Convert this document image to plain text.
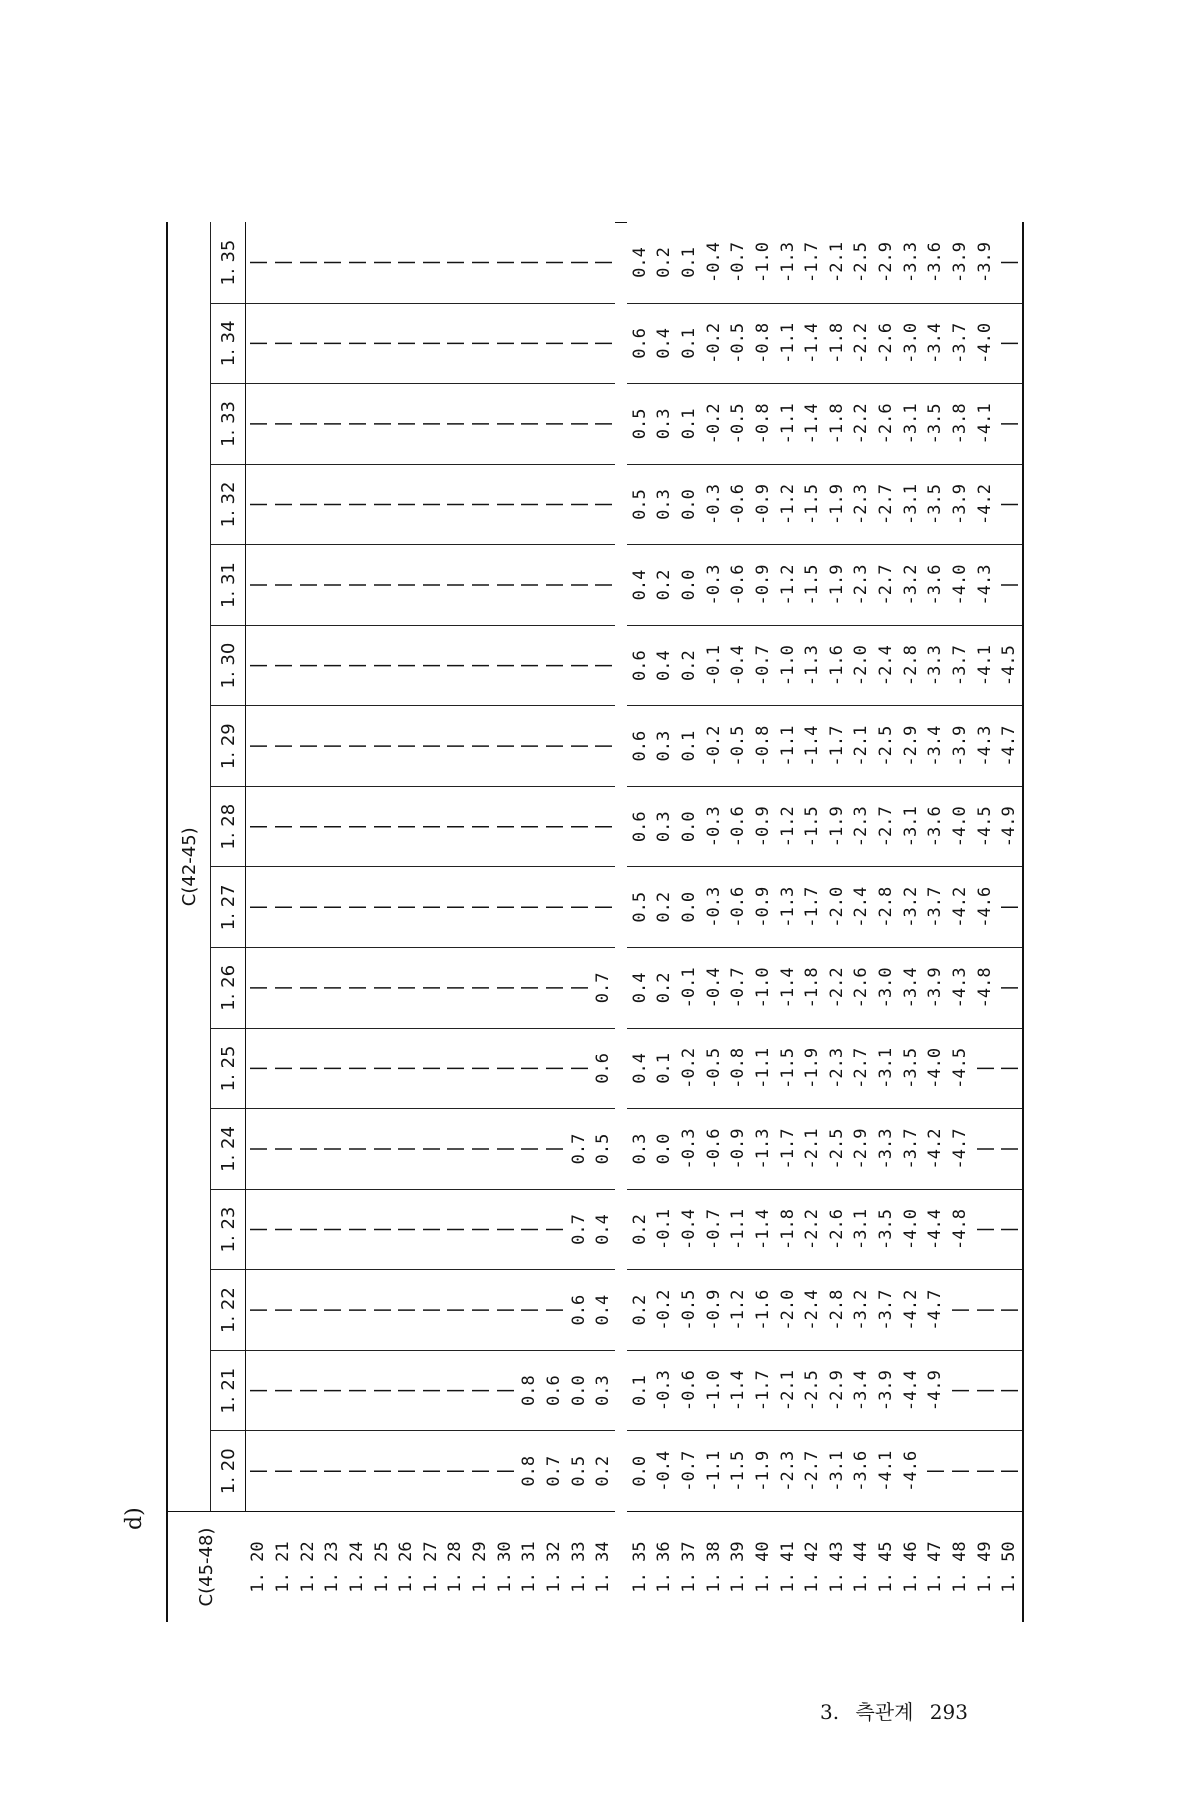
d)
C(45-48)	C(42-45)															
	1. 20	1. 21	1. 22	1. 23	1. 24	1. 25	1. 26	1. 27	1. 28	1. 29	1. 30	1. 31	1. 32	1. 33	1. 34	1. 35
1. 20	|	|	|	|	|	|	|	|	|	|	|	|	|	|	|	|
1. 21	|	|	|	|	|	|	|	|	|	|	|	|	|	|	|	|
1. 22	|	|	|	|	|	|	|	|	|	|	|	|	|	|	|	|
1. 23	|	|	|	|	|	|	|	|	|	|	|	|	|	|	|	|
1. 24	|	|	|	|	|	|	|	|	|	|	|	|	|	|	|	|
1. 25	|	|	|	|	|	|	|	|	|	|	|	|	|	|	|	|
1. 26	|	|	|	|	|	|	|	|	|	|	|	|	|	|	|	|
1. 27	|	|	|	|	|	|	|	|	|	|	|	|	|	|	|	|
1. 28	|	|	|	|	|	|	|	|	|	|	|	|	|	|	|	|
1. 29	|	|	|	|	|	|	|	|	|	|	|	|	|	|	|	|
1. 30	|	|	|	|	|	|	|	|	|	|	|	|	|	|	|	|
1. 31	0.8	0.8	|	|	|	|	|	|	|	|	|	|	|	|	|	|
1. 32	0.7	0.6	|	|	|	|	|	|	|	|	|	|	|	|	|	|
1. 33	0.5	0.0	0.6	0.7	0.7	|	|	|	|	|	|	|	|	|	|	|
1. 34	0.2	0.3	0.4	0.4	0.5	0.6	0.7	|	|	|	|	|	|	|	|	|

1. 35	0.0	0.1	0.2	0.2	0.3	0.4	0.4	0.5	0.6	0.6	0.6	0.4	0.5	0.5	0.6	0.4
1. 36	-0.4	-0.3	-0.2	-0.1	0.0	0.1	0.2	0.2	0.3	0.3	0.4	0.2	0.3	0.3	0.4	0.2
1. 37	-0.7	-0.6	-0.5	-0.4	-0.3	-0.2	-0.1	0.0	0.0	0.1	0.2	0.0	0.0	0.1	0.1	0.1
1. 38	-1.1	-1.0	-0.9	-0.7	-0.6	-0.5	-0.4	-0.3	-0.3	-0.2	-0.1	-0.3	-0.3	-0.2	-0.2	-0.4
1. 39	-1.5	-1.4	-1.2	-1.1	-0.9	-0.8	-0.7	-0.6	-0.6	-0.5	-0.4	-0.6	-0.6	-0.5	-0.5	-0.7
1. 40	-1.9	-1.7	-1.6	-1.4	-1.3	-1.1	-1.0	-0.9	-0.9	-0.8	-0.7	-0.9	-0.9	-0.8	-0.8	-1.0
1. 41	-2.3	-2.1	-2.0	-1.8	-1.7	-1.5	-1.4	-1.3	-1.2	-1.1	-1.0	-1.2	-1.2	-1.1	-1.1	-1.3
1. 42	-2.7	-2.5	-2.4	-2.2	-2.1	-1.9	-1.8	-1.7	-1.5	-1.4	-1.3	-1.5	-1.5	-1.4	-1.4	-1.7
1. 43	-3.1	-2.9	-2.8	-2.6	-2.5	-2.3	-2.2	-2.0	-1.9	-1.7	-1.6	-1.9	-1.9	-1.8	-1.8	-2.1
1. 44	-3.6	-3.4	-3.2	-3.1	-2.9	-2.7	-2.6	-2.4	-2.3	-2.1	-2.0	-2.3	-2.3	-2.2	-2.2	-2.5
1. 45	-4.1	-3.9	-3.7	-3.5	-3.3	-3.1	-3.0	-2.8	-2.7	-2.5	-2.4	-2.7	-2.7	-2.6	-2.6	-2.9
1. 46	-4.6	-4.4	-4.2	-4.0	-3.7	-3.5	-3.4	-3.2	-3.1	-2.9	-2.8	-3.2	-3.1	-3.1	-3.0	-3.3
1. 47	|	-4.9	-4.7	-4.4	-4.2	-4.0	-3.9	-3.7	-3.6	-3.4	-3.3	-3.6	-3.5	-3.5	-3.4	-3.6
1. 48	|	|	|	-4.8	-4.7	-4.5	-4.3	-4.2	-4.0	-3.9	-3.7	-4.0	-3.9	-3.8	-3.7	-3.9
1. 49	|	|	|	|	|	|	-4.8	-4.6	-4.5	-4.3	-4.1	-4.3	-4.2	-4.1	-4.0	-3.9
1. 50	|	|	|	|	|	|	|	|	-4.9	-4.7	-4.5	|	|	|	|	|
3. 측관계 293
